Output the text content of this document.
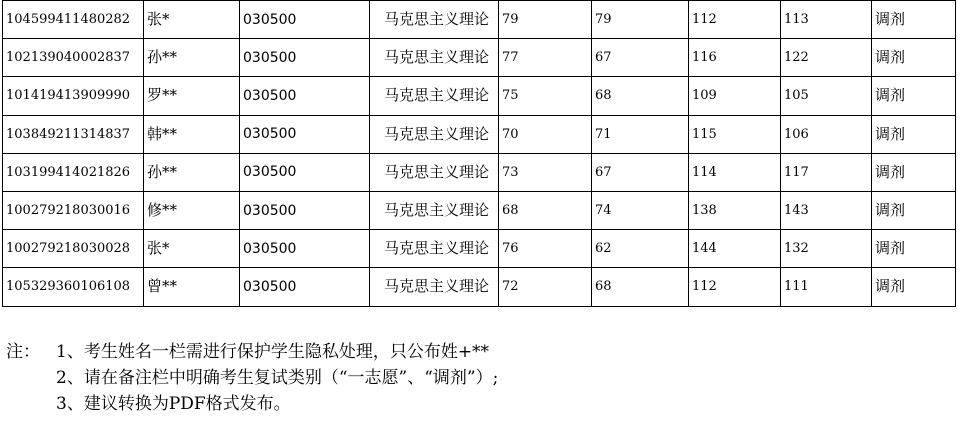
104599411480282	张*	030500	马克思主义理论	79	79	112	113	调剂
102139040002837	孙**	030500	马克思主义理论	77	67	116	122	调剂
101419413909990	罗**	030500	马克思主义理论	75	68	109	105	调剂
103849211314837	韩**	030500	马克思主义理论	70	71	115	106	调剂
103199414021826	孙**	030500	马克思主义理论	73	67	114	117	调剂
100279218030016	修**	030500	马克思主义理论	68	74	138	143	调剂
100279218030028	张*	030500	马克思主义理论	76	62	144	132	调剂
105329360106108	曾**	030500	马克思主义理论	72	68	112	111	调剂
注： 1、考生姓名一栏需进行保护学生隐私处理，只公布姓+**
2、请在备注栏中明确考生复试类别（“一志愿”、“调剂”）;
3、建议转换为PDF格式发布。
